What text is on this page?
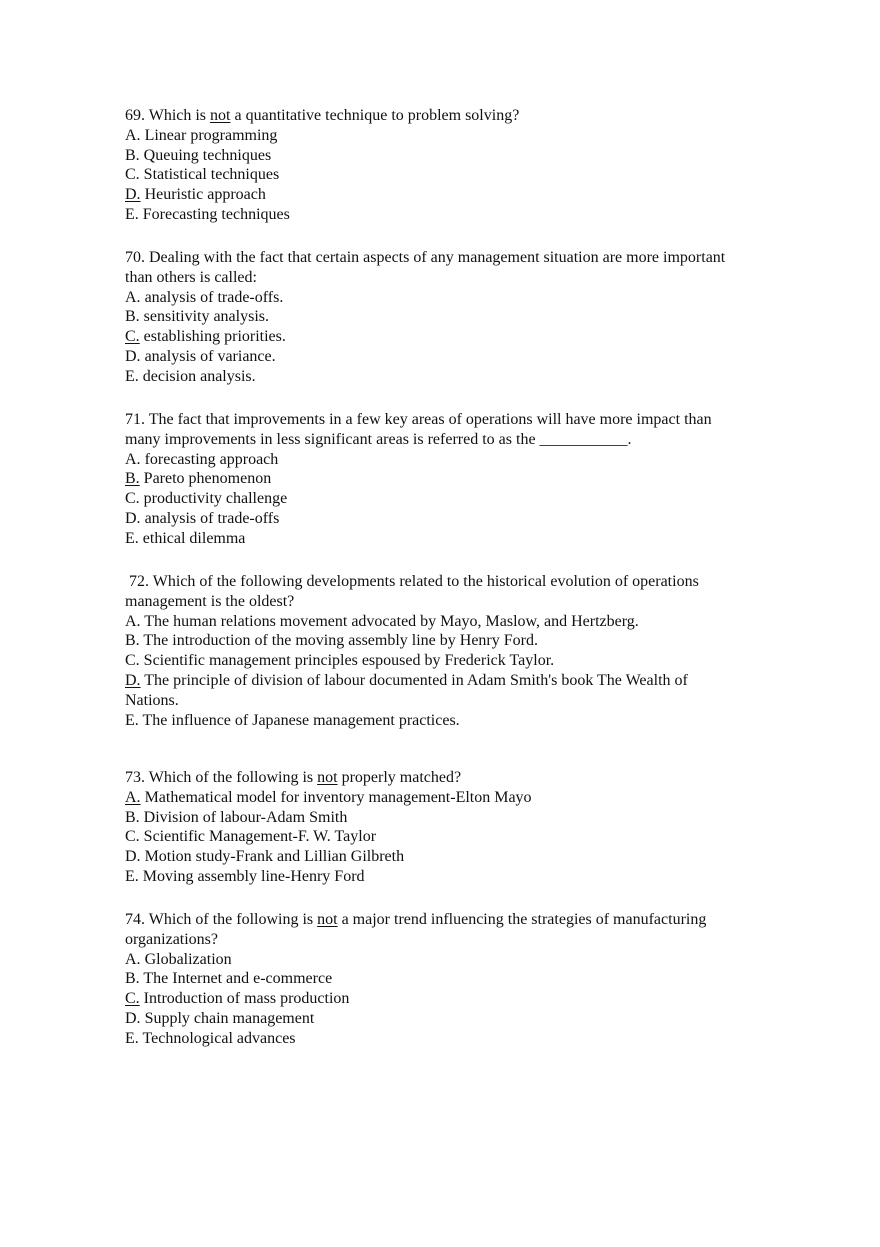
69. Which is not a quantitative technique to problem solving?
A. Linear programming
B. Queuing techniques
C. Statistical techniques
D. Heuristic approach
E. Forecasting techniques
70. Dealing with the fact that certain aspects of any management situation are more important
than others is called:
A. analysis of trade-offs.
B. sensitivity analysis.
C. establishing priorities.
D. analysis of variance.
E. decision analysis.
71. The fact that improvements in a few key areas of operations will have more impact than
many improvements in less significant areas is referred to as the ___________.
A. forecasting approach
B. Pareto phenomenon
C. productivity challenge
D. analysis of trade-offs
E. ethical dilemma
72. Which of the following developments related to the historical evolution of operations
management is the oldest?
A. The human relations movement advocated by Mayo, Maslow, and Hertzberg.
B. The introduction of the moving assembly line by Henry Ford.
C. Scientific management principles espoused by Frederick Taylor.
D. The principle of division of labour documented in Adam Smith's book The Wealth of
Nations.
E. The influence of Japanese management practices.
73. Which of the following is not properly matched?
A. Mathematical model for inventory management-Elton Mayo
B. Division of labour-Adam Smith
C. Scientific Management-F. W. Taylor
D. Motion study-Frank and Lillian Gilbreth
E. Moving assembly line-Henry Ford
74. Which of the following is not a major trend influencing the strategies of manufacturing
organizations?
A. Globalization
B. The Internet and e-commerce
C. Introduction of mass production
D. Supply chain management
E. Technological advances
